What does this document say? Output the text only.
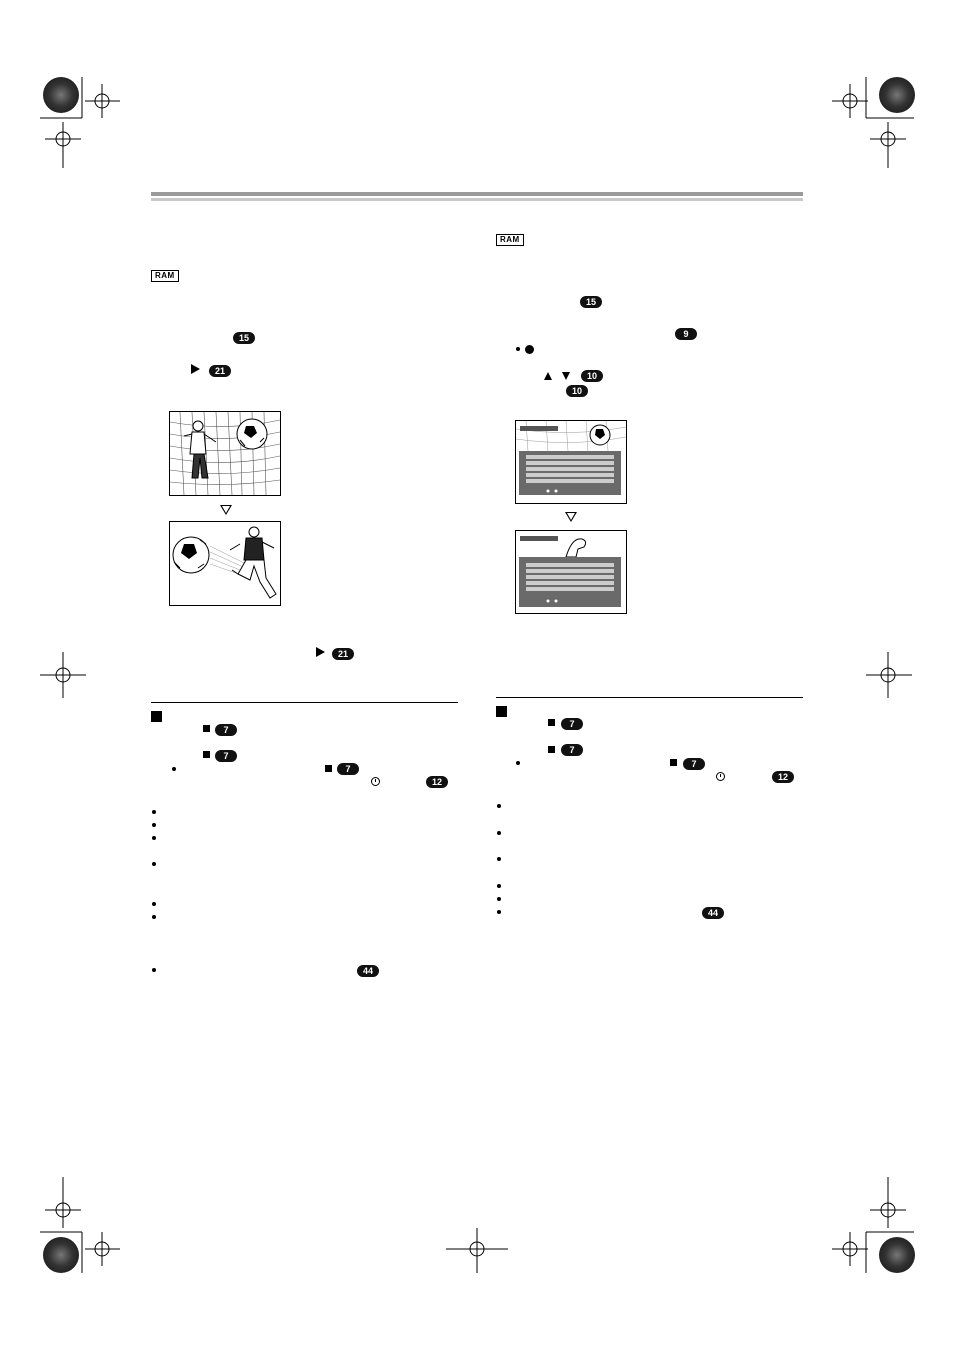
RAM
15
21
21
7
7
7
12
44
RAM
15
9
10
10
7
7
7
12
44
